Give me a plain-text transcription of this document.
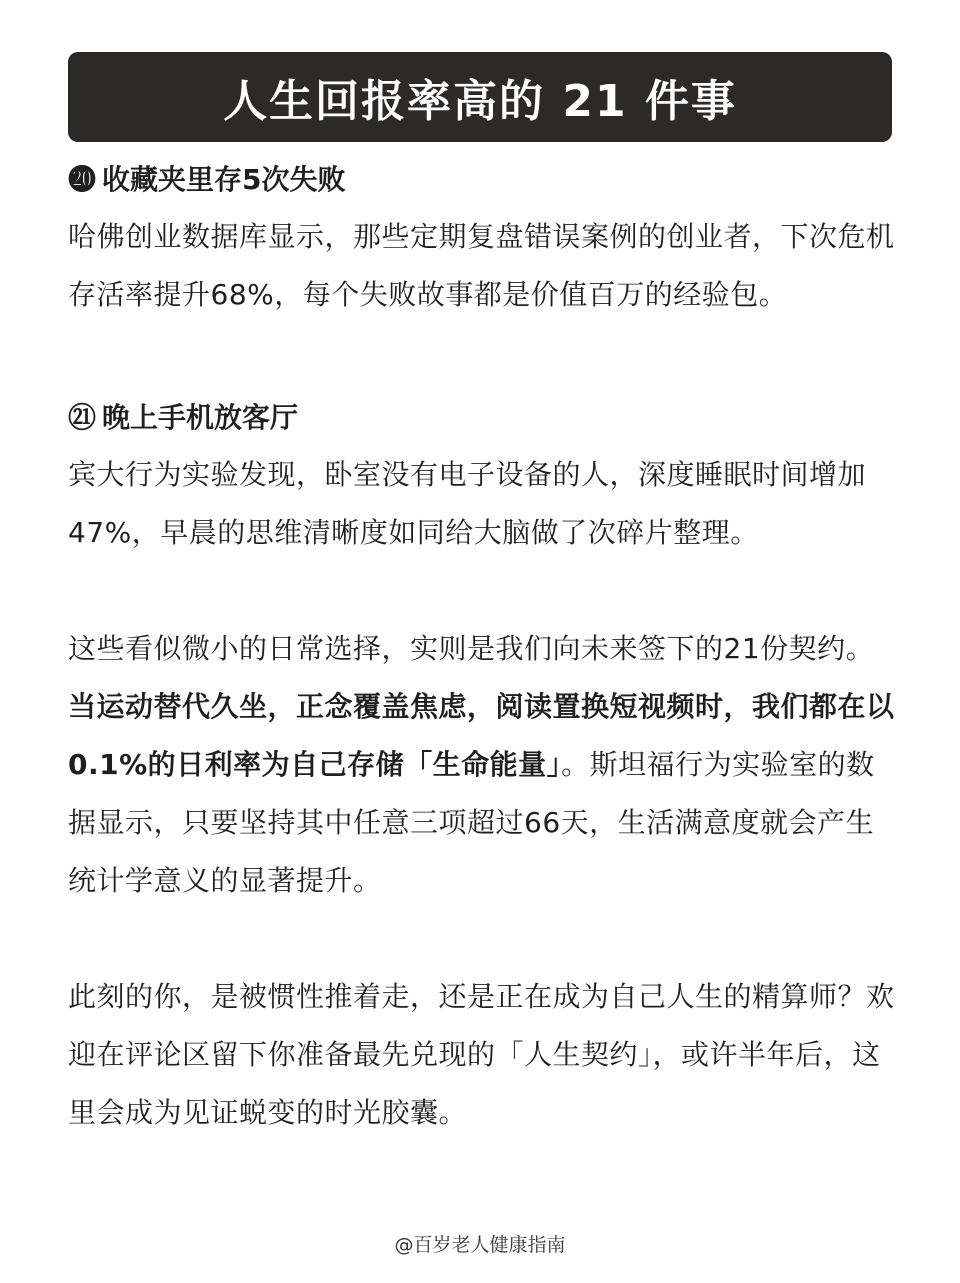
人生回报率高的 21 件事
⓴ 收藏夹里存5次失败

哈佛创业数据库显示，那些定期复盘错误案例的创业者，下次危机存活率提升68%，每个失败故事都是价值百万的经验包。

㉑ 晚上手机放客厅

宾大行为实验发现，卧室没有电子设备的人，深度睡眠时间增加47%，早晨的思维清晰度如同给大脑做了次碎片整理。

这些看似微小的日常选择，实则是我们向未来签下的21份契约。当运动替代久坐，正念覆盖焦虑，阅读置换短视频时，我们都在以0.1%的日利率为自己存储「生命能量」。斯坦福行为实验室的数据显示，只要坚持其中任意三项超过66天，生活满意度就会产生统计学意义的显著提升。

此刻的你，是被惯性推着走，还是正在成为自己人生的精算师？欢迎在评论区留下你准备最先兑现的「人生契约」，或许半年后，这里会成为见证蜕变的时光胶囊。

@百岁老人健康指南
